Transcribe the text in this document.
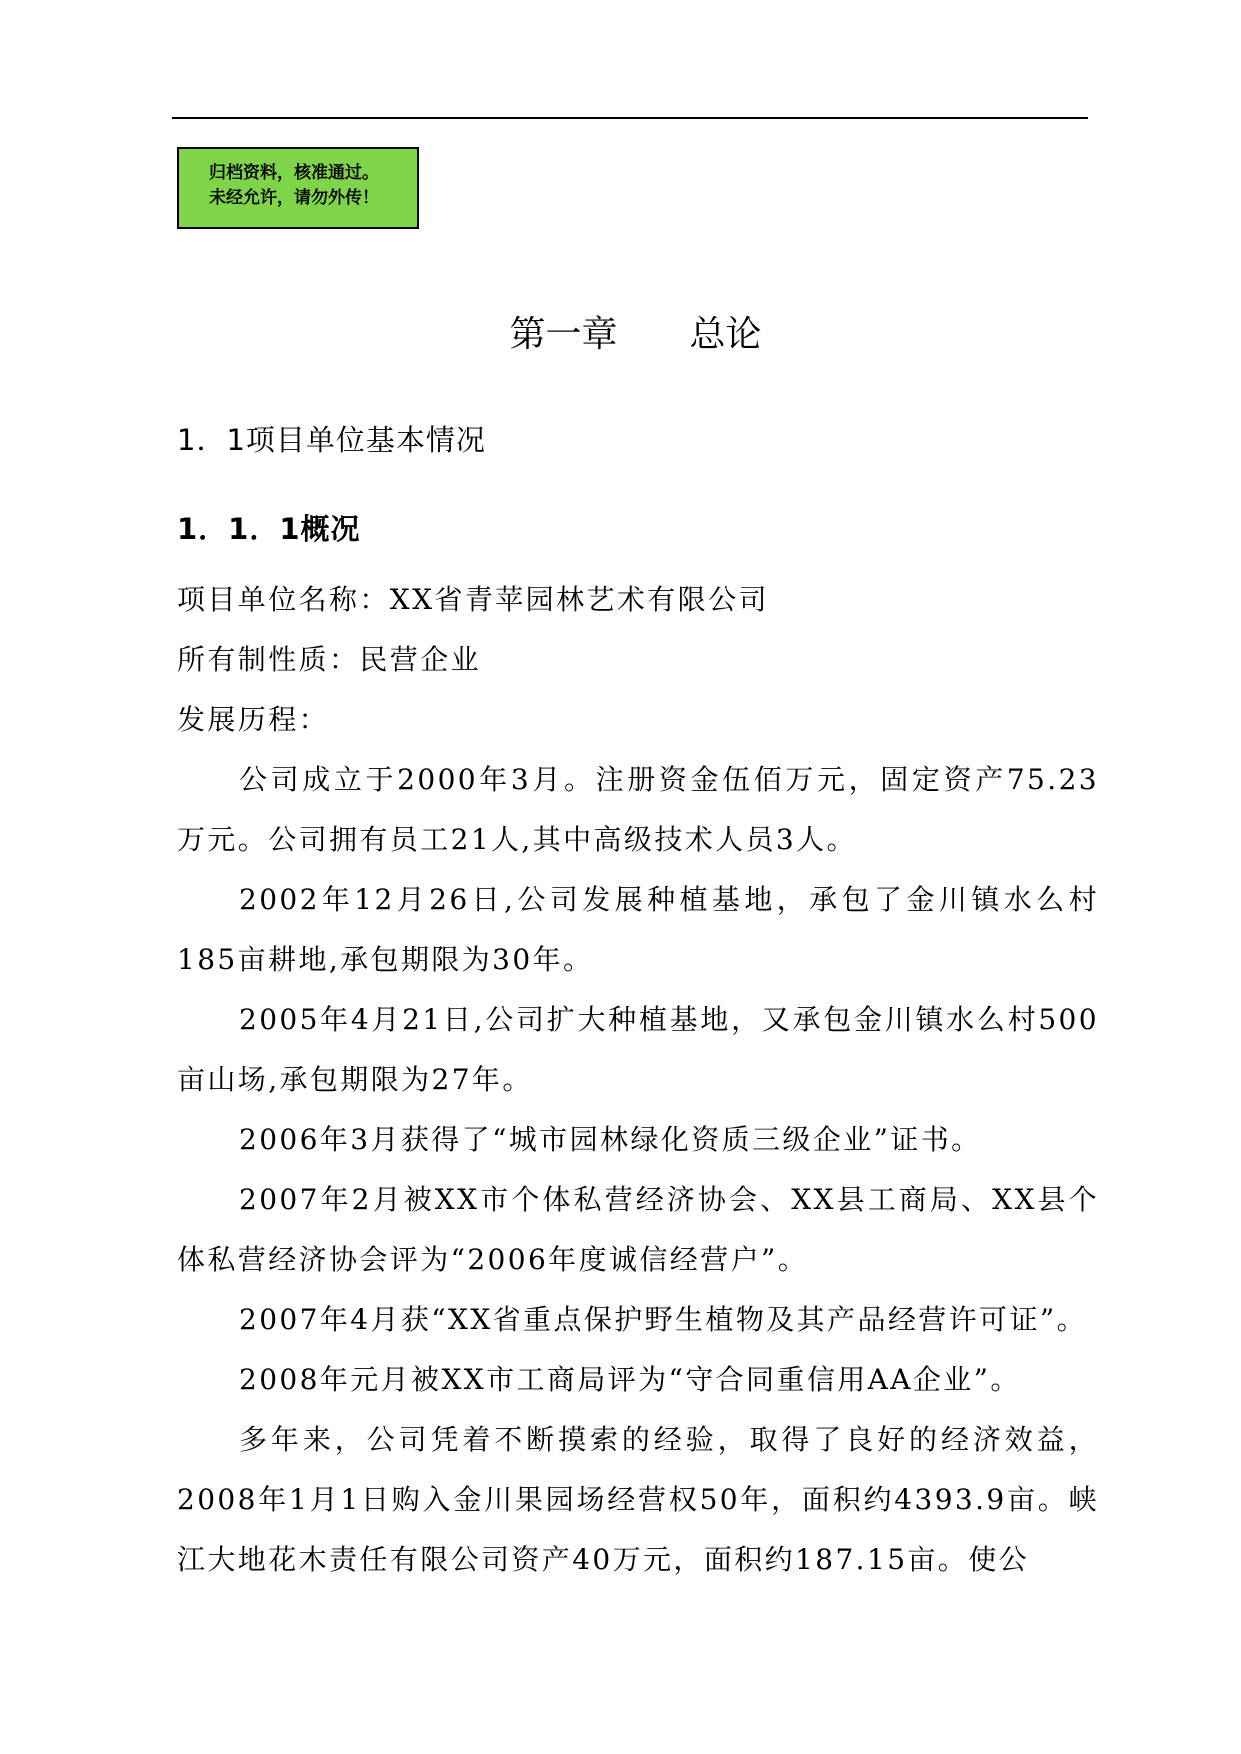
归档资料，核准通过。
未经允许，请勿外传！
第一章　　总论
1．1项目单位基本情况
1．1．1概况

项目单位名称：XX省青苹园林艺术有限公司

所有制性质：民营企业

发展历程：

公司成立于2000年3月。注册资金伍佰万元，固定资产75.23万元。公司拥有员工21人,其中高级技术人员3人。

2002年12月26日,公司发展种植基地，承包了金川镇水么村185亩耕地,承包期限为30年。

2005年4月21日,公司扩大种植基地，又承包金川镇水么村500亩山场,承包期限为27年。

2006年3月获得了“城市园林绿化资质三级企业”证书。

2007年2月被XX市个体私营经济协会、XX县工商局、XX县个体私营经济协会评为“2006年度诚信经营户”。

2007年4月获“XX省重点保护野生植物及其产品经营许可证”。

2008年元月被XX市工商局评为“守合同重信用AA企业”。

多年来，公司凭着不断摸索的经验，取得了良好的经济效益，2008年1月1日购入金川果园场经营权50年，面积约4393.9亩。峡江大地花木责任有限公司资产40万元，面积约187.15亩。使公
